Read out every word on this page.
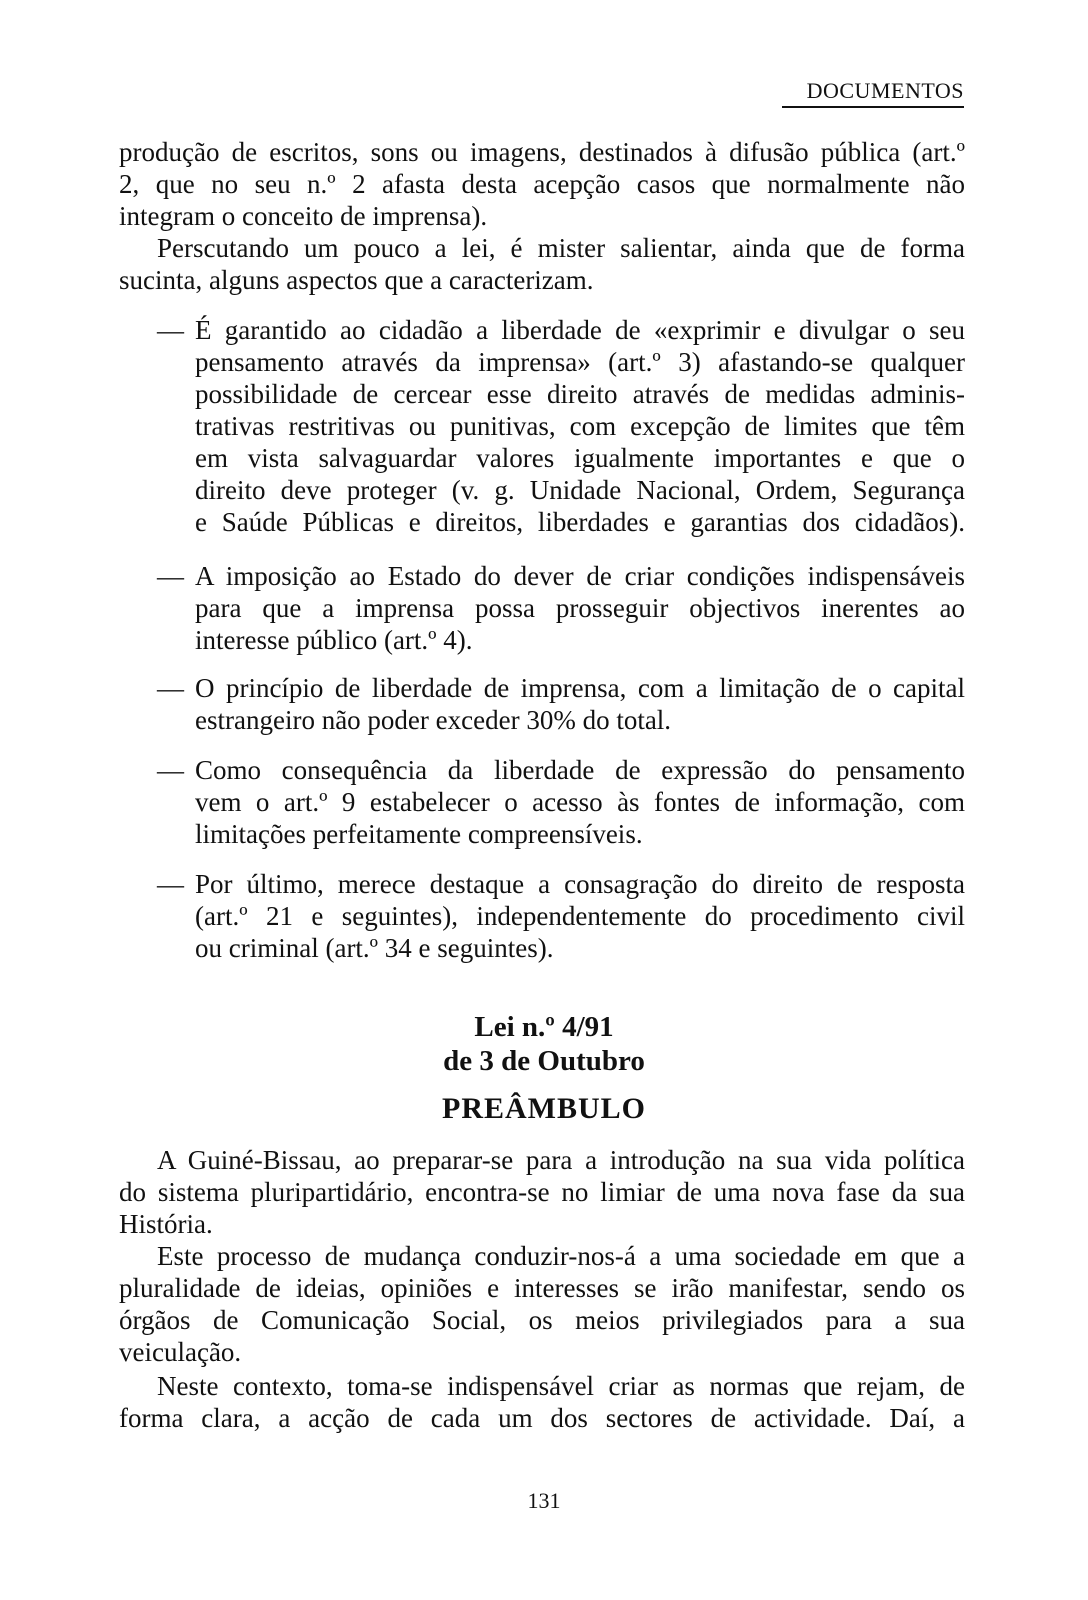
DOCUMENTOS
produção de escritos, sons ou imagens, destinados à difusão pública (art.º
2, que no seu n.º 2 afasta desta acepção casos que normalmente não
integram o conceito de imprensa).
Perscutando um pouco a lei, é mister salientar, ainda que de forma
sucinta, alguns aspectos que a caracterizam.
— É garantido ao cidadão a liberdade de «exprimir e divulgar o seu
pensamento através da imprensa» (art.º 3) afastando-se qualquer
possibilidade de cercear esse direito através de medidas adminis-
trativas restritivas ou punitivas, com excepção de limites que têm
em vista salvaguardar valores igualmente importantes e que o
direito deve proteger (v. g. Unidade Nacional, Ordem, Segurança
e Saúde Públicas e direitos, liberdades e garantias dos cidadãos).
— A imposição ao Estado do dever de criar condições indispensáveis
para que a imprensa possa prosseguir objectivos inerentes ao
interesse público (art.º 4).
— O princípio de liberdade de imprensa, com a limitação de o capital
estrangeiro não poder exceder 30% do total.
— Como consequência da liberdade de expressão do pensamento
vem o art.º 9 estabelecer o acesso às fontes de informação, com
limitações perfeitamente compreensíveis.
— Por último, merece destaque a consagração do direito de resposta
(art.º 21 e seguintes), independentemente do procedimento civil
ou criminal (art.º 34 e seguintes).
Lei n.º 4/91
de 3 de Outubro
PREÂMBULO
A Guiné-Bissau, ao preparar-se para a introdução na sua vida política
do sistema pluripartidário, encontra-se no limiar de uma nova fase da sua
História.
Este processo de mudança conduzir-nos-á a uma sociedade em que a
pluralidade de ideias, opiniões e interesses se irão manifestar, sendo os
órgãos de Comunicação Social, os meios privilegiados para a sua
veiculação.
Neste contexto, toma-se indispensável criar as normas que rejam, de
forma clara, a acção de cada um dos sectores de actividade. Daí, a
131
